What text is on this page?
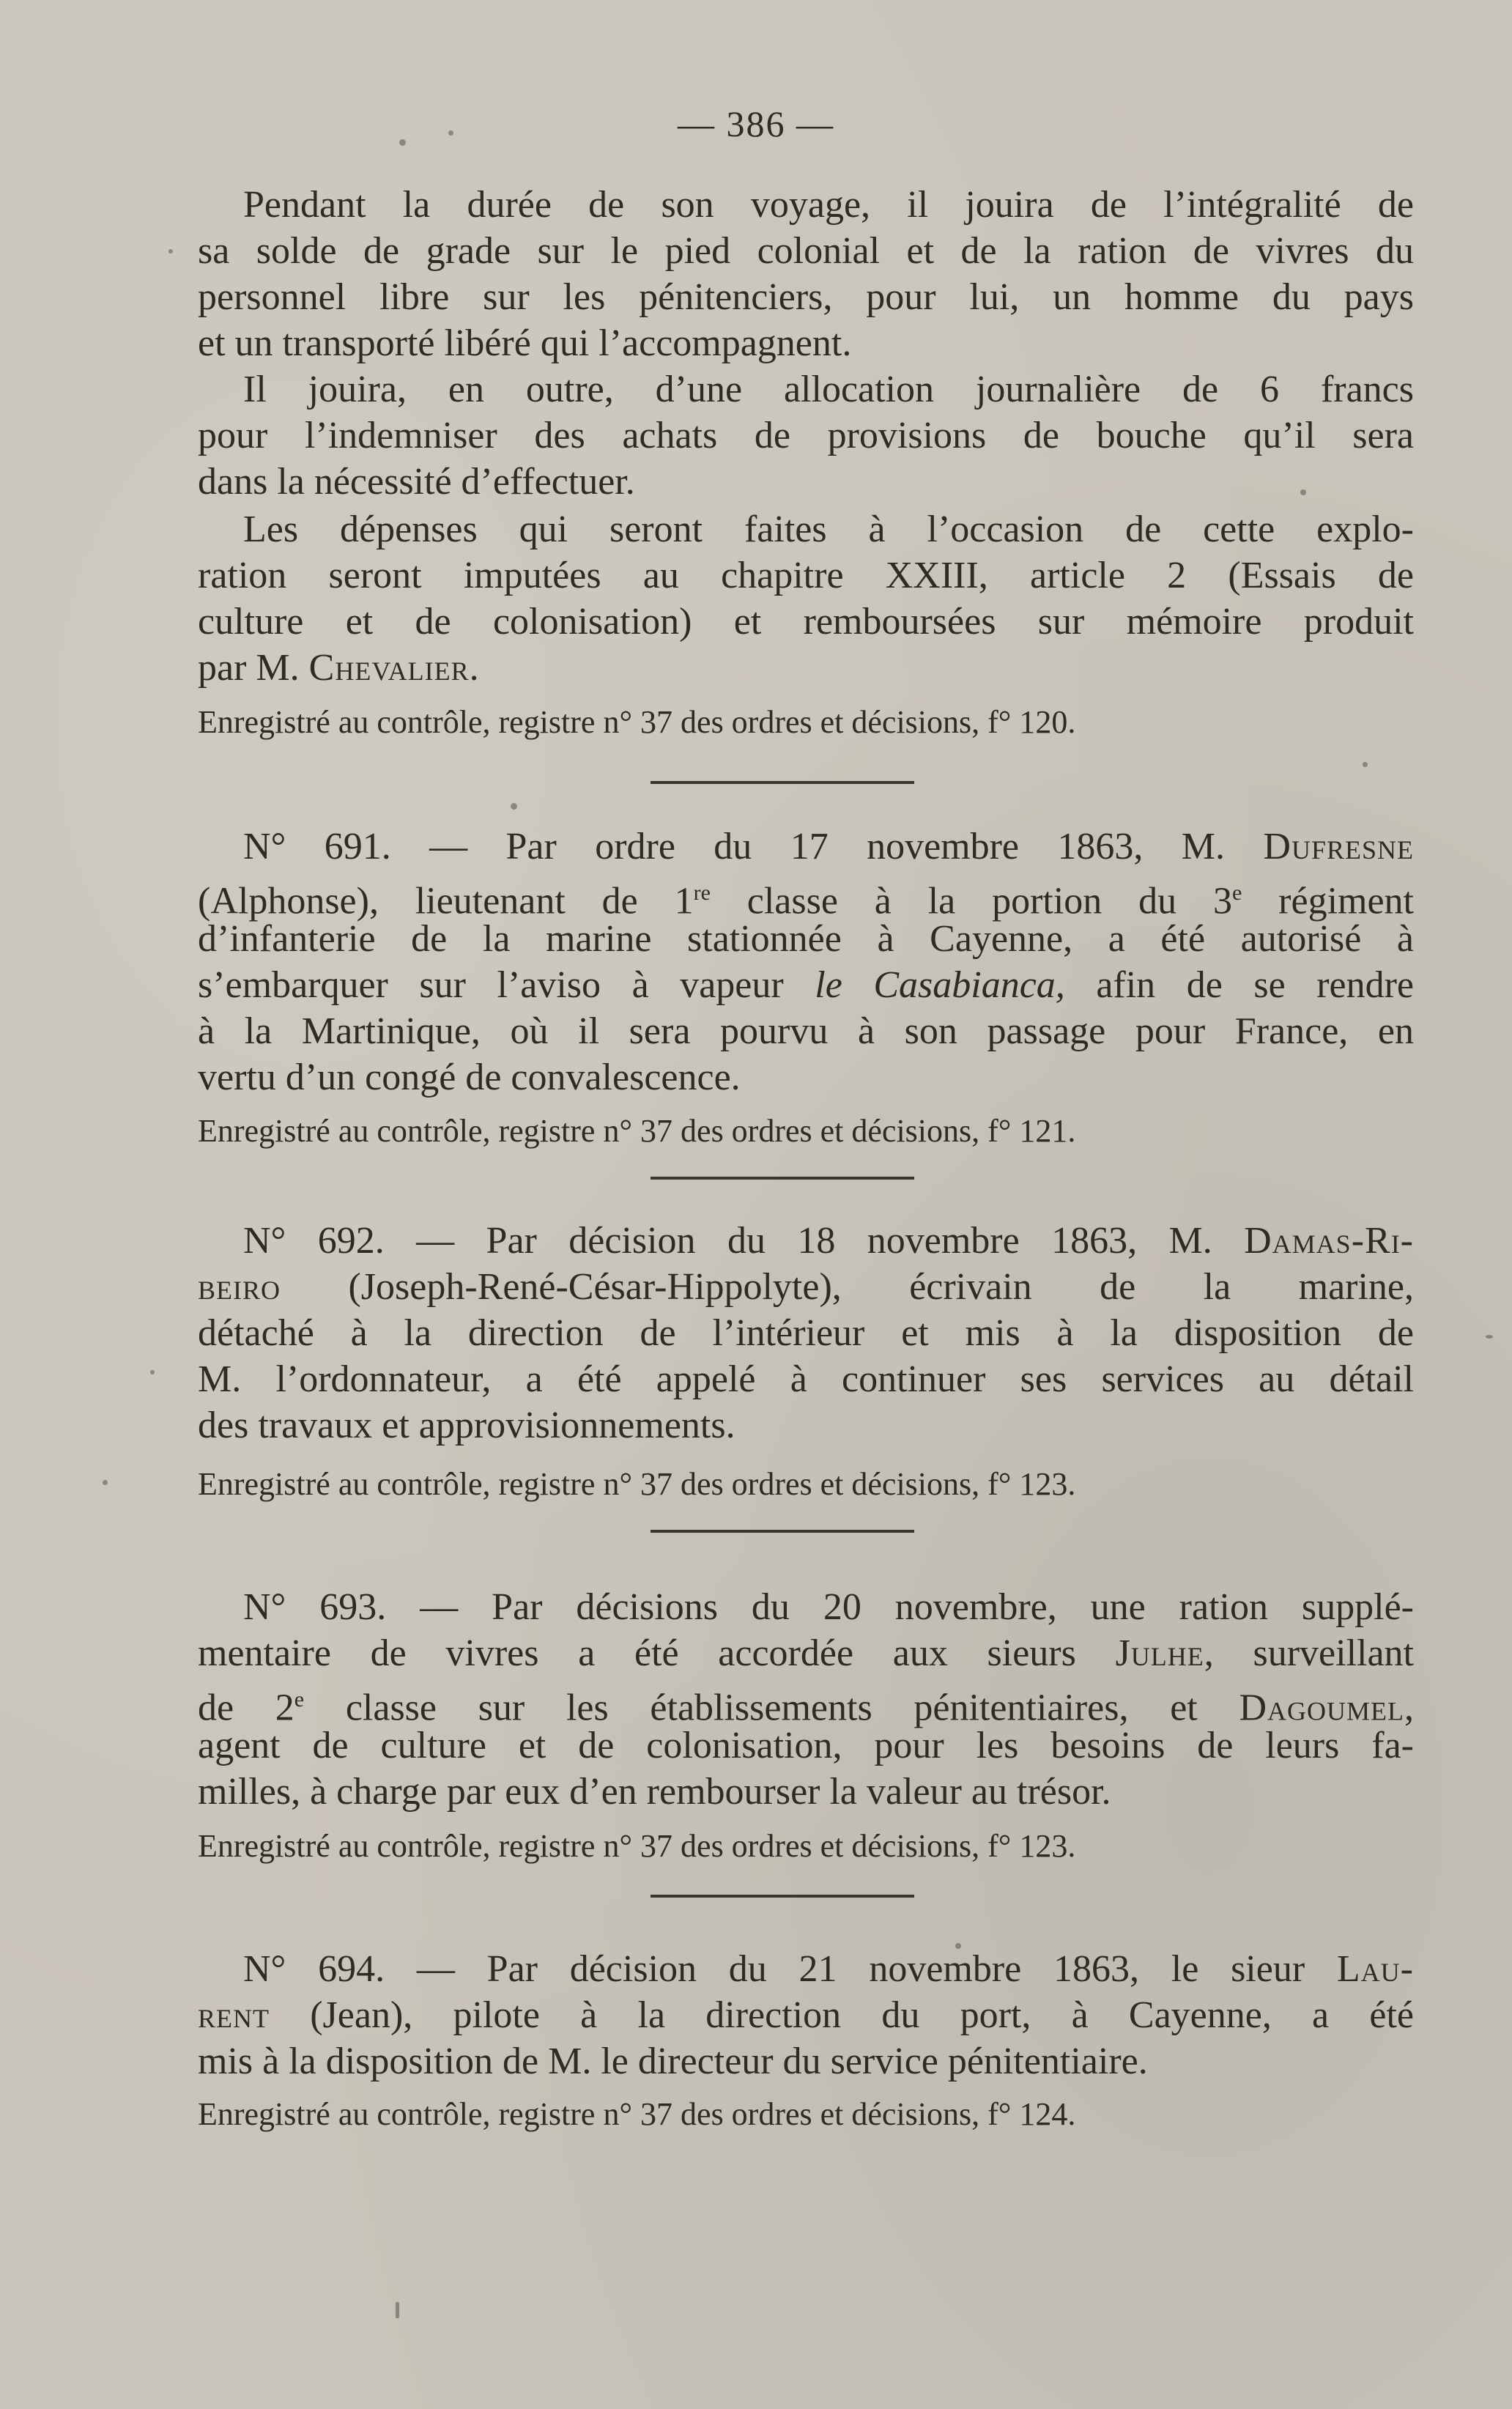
— 386 —
Pendant la durée de son voyage, il jouira de l’intégralité de
sa solde de grade sur le pied colonial et de la ration de vivres du
personnel libre sur les pénitenciers, pour lui, un homme du pays
et un transporté libéré qui l’accompagnent.
Il jouira, en outre, d’une allocation journalière de 6 francs
pour l’indemniser des achats de provisions de bouche qu’il sera
dans la nécessité d’effectuer.
Les dépenses qui seront faites à l’occasion de cette explo-
ration seront imputées au chapitre XXIII, article 2 (Essais de
culture et de colonisation) et remboursées sur mémoire produit
par M. Chevalier.
Enregistré au contrôle, registre n° 37 des ordres et décisions, f° 120.
N° 691. — Par ordre du 17 novembre 1863, M. Dufresne
(Alphonse), lieutenant de 1re classe à la portion du 3e régiment
d’infanterie de la marine stationnée à Cayenne, a été autorisé à
s’embarquer sur l’aviso à vapeur le Casabianca, afin de se rendre
à la Martinique, où il sera pourvu à son passage pour France, en
vertu d’un congé de convalescence.
Enregistré au contrôle, registre n° 37 des ordres et décisions, f° 121.
N° 692. — Par décision du 18 novembre 1863, M. Damas-Ri-
beiro (Joseph-René-César-Hippolyte), écrivain de la marine,
détaché à la direction de l’intérieur et mis à la disposition de
M. l’ordonnateur, a été appelé à continuer ses services au détail
des travaux et approvisionnements.
Enregistré au contrôle, registre n° 37 des ordres et décisions, f° 123.
N° 693. — Par décisions du 20 novembre, une ration supplé-
mentaire de vivres a été accordée aux sieurs Julhe, surveillant
de 2e classe sur les établissements pénitentiaires, et Dagoumel,
agent de culture et de colonisation, pour les besoins de leurs fa-
milles, à charge par eux d’en rembourser la valeur au trésor.
Enregistré au contrôle, registre n° 37 des ordres et décisions, f° 123.
N° 694. — Par décision du 21 novembre 1863, le sieur Lau-
rent (Jean), pilote à la direction du port, à Cayenne, a été
mis à la disposition de M. le directeur du service pénitentiaire.
Enregistré au contrôle, registre n° 37 des ordres et décisions, f° 124.
